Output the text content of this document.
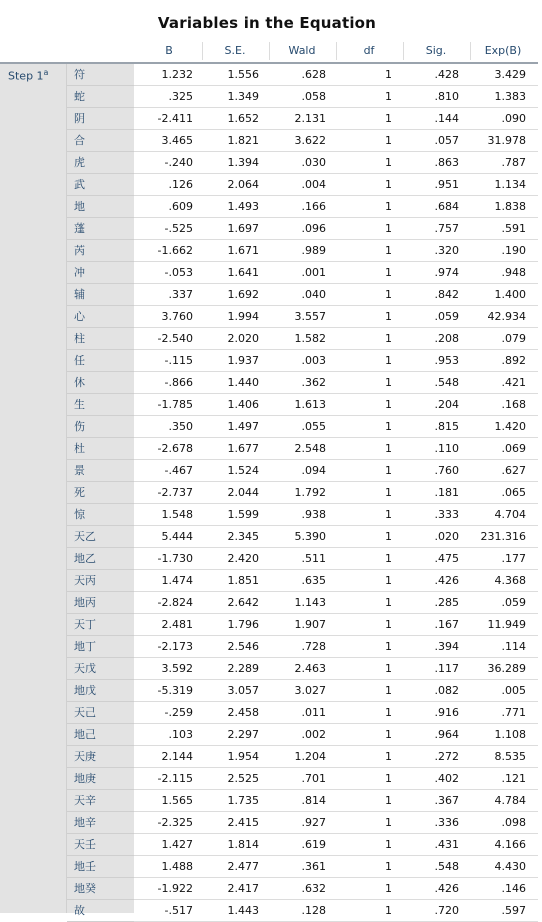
Variables in the Equation
B	S.E.	Wald	df	Sig.	Exp(B)
Step 1$^a$ 符	1.232	1.556	.628	1	.428	3.429
蛇	.325	1.349	.058	1	.810	1.383
阴	-2.411	1.652	2.131	1	.144	.090
合	3.465	1.821	3.622	1	.057	31.978
虎	-.240	1.394	.030	1	.863	.787
武	.126	2.064	.004	1	.951	1.134
地	.609	1.493	.166	1	.684	1.838
蓬	-.525	1.697	.096	1	.757	.591
芮	-1.662	1.671	.989	1	.320	.190
冲	-.053	1.641	.001	1	.974	.948
辅	.337	1.692	.040	1	.842	1.400
心	3.760	1.994	3.557	1	.059	42.934
柱	-2.540	2.020	1.582	1	.208	.079
任	-.115	1.937	.003	1	.953	.892
休	-.866	1.440	.362	1	.548	.421
生	-1.785	1.406	1.613	1	.204	.168
伤	.350	1.497	.055	1	.815	1.420
杜	-2.678	1.677	2.548	1	.110	.069
景	-.467	1.524	.094	1	.760	.627
死	-2.737	2.044	1.792	1	.181	.065
惊	1.548	1.599	.938	1	.333	4.704
天乙	5.444	2.345	5.390	1	.020	231.316
地乙	-1.730	2.420	.511	1	.475	.177
天丙	1.474	1.851	.635	1	.426	4.368
地丙	-2.824	2.642	1.143	1	.285	.059
天丁	2.481	1.796	1.907	1	.167	11.949
地丁	-2.173	2.546	.728	1	.394	.114
天戊	3.592	2.289	2.463	1	.117	36.289
地戊	-5.319	3.057	3.027	1	.082	.005
天己	-.259	2.458	.011	1	.916	.771
地己	.103	2.297	.002	1	.964	1.108
天庚	2.144	1.954	1.204	1	.272	8.535
地庚	-2.115	2.525	.701	1	.402	.121
天辛	1.565	1.735	.814	1	.367	4.784
地辛	-2.325	2.415	.927	1	.336	.098
天壬	1.427	1.814	.619	1	.431	4.166
地壬	1.488	2.477	.361	1	.548	4.430
地癸	-1.922	2.417	.632	1	.426	.146
故	-.517	1.443	.128	1	.720	.597
